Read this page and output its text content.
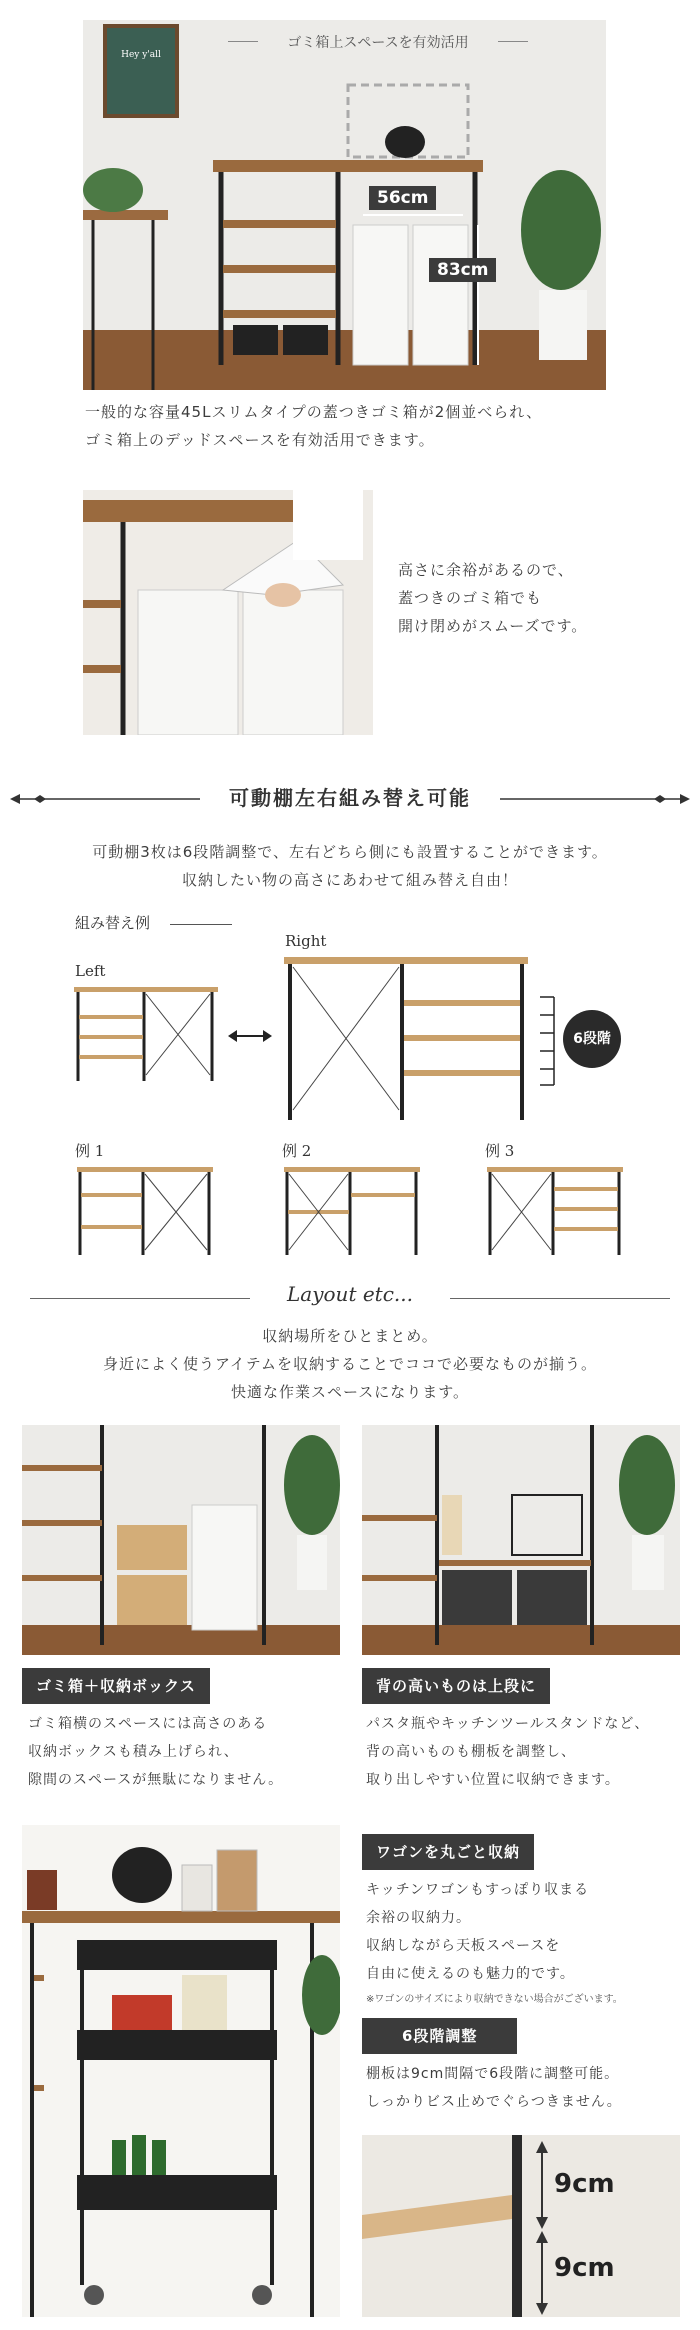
Hey y'all
ゴミ箱上スペースを有効活用
56cm
83cm
一般的な容量45Lスリムタイプの蓋つきゴミ箱が2個並べられ、
ゴミ箱上のデッドスペースを有効活用できます。
高さに余裕があるので、
蓋つきのゴミ箱でも
開け閉めがスムーズです。
可動棚左右組み替え可能
可動棚3枚は6段階調整で、左右どちら側にも設置することができます。
収納したい物の高さにあわせて組み替え自由！
組み替え例
Left
Right
6段階
例 1	例 2	例 3
Layout etc...
収納場所をひとまとめ。
身近によく使うアイテムを収納することでココで必要なものが揃う。
快適な作業スペースになります。
ゴミ箱＋収納ボックス
ゴミ箱横のスペースには高さのある
収納ボックスも積み上げられ、
隙間のスペースが無駄になりません。
背の高いものは上段に
パスタ瓶やキッチンツールスタンドなど、
背の高いものも棚板を調整し、
取り出しやすい位置に収納できます。
ワゴンを丸ごと収納
キッチンワゴンもすっぽり収まる
余裕の収納力。
収納しながら天板スペースを
自由に使えるのも魅力的です。
※ワゴンのサイズにより収納できない場合がございます。
6段階調整
棚板は9cm間隔で6段階に調整可能。
しっかりビス止めでぐらつきません。
9cm
9cm
